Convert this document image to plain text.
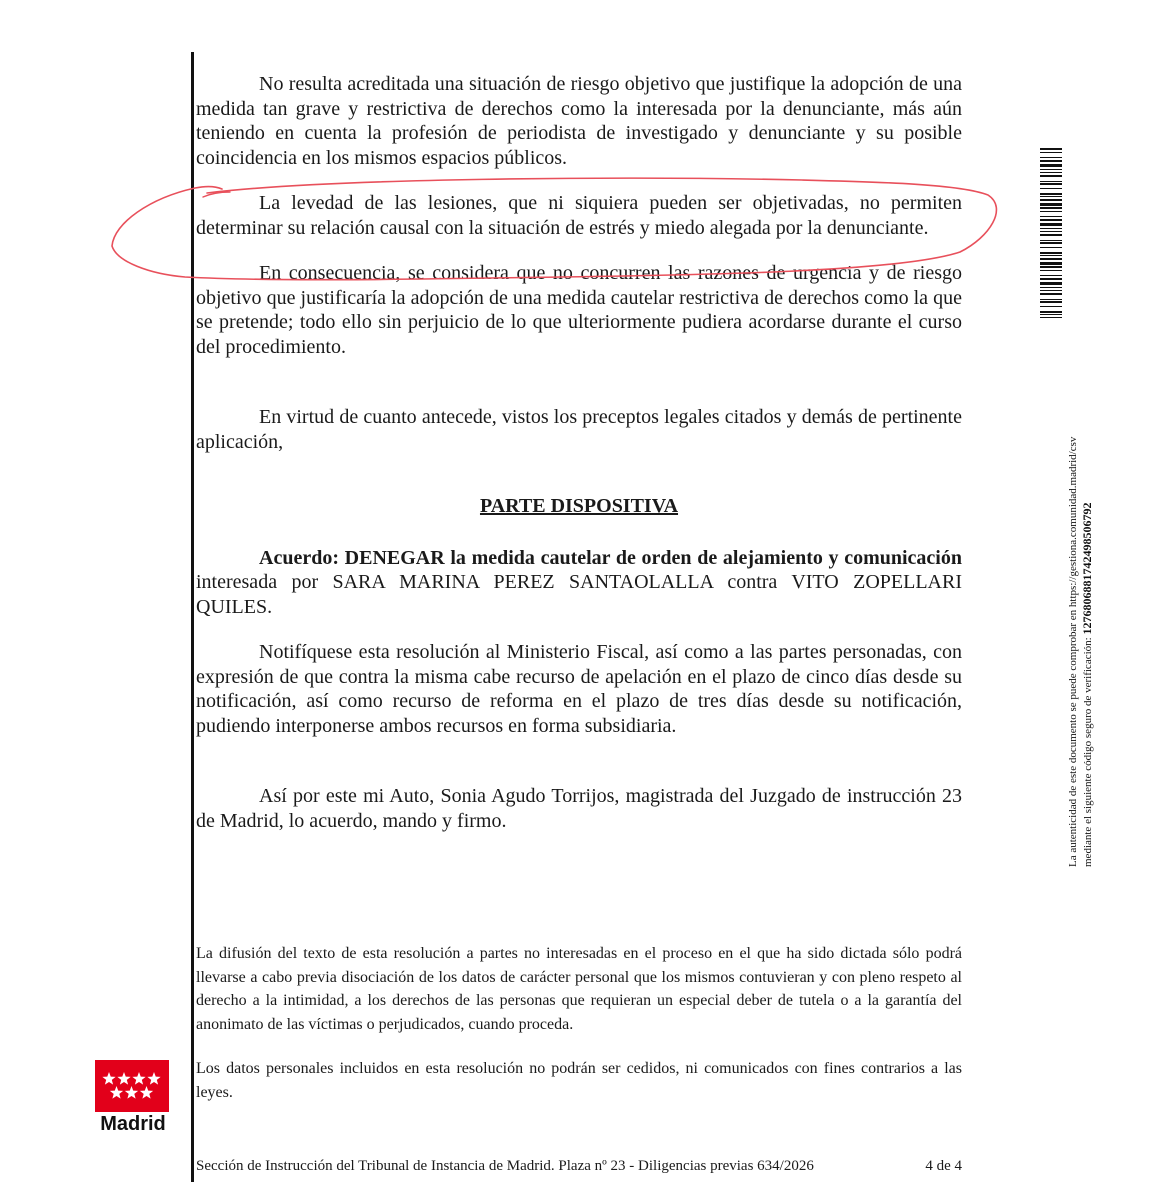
No resulta acreditada una situación de riesgo objetivo que justifique la adopción de una medida tan grave y restrictiva de derechos como la interesada por la denunciante, más aún teniendo en cuenta la profesión de periodista de investigado y denunciante y su posible coincidencia en los mismos espacios públicos.

La levedad de las lesiones, que ni siquiera pueden ser objetivadas, no permiten determinar su relación causal con la situación de estrés y miedo alegada por la denunciante.

En consecuencia, se considera que no concurren las razones de urgencia y de riesgo objetivo que justificaría la adopción de una medida cautelar restrictiva de derechos como la que se pretende; todo ello sin perjuicio de lo que ulteriormente pudiera acordarse durante el curso del procedimiento.

En virtud de cuanto antecede, vistos los preceptos legales citados y demás de pertinente aplicación,

PARTE DISPOSITIVA

Acuerdo: DENEGAR la medida cautelar de orden de alejamiento y comunicación interesada por SARA MARINA PEREZ SANTAOLALLA contra VITO ZOPELLARI QUILES.

Notifíquese esta resolución al Ministerio Fiscal, así como a las partes personadas, con expresión de que contra la misma cabe recurso de apelación en el plazo de cinco días desde su notificación, así como recurso de reforma en el plazo de tres días desde su notificación, pudiendo interponerse ambos recursos en forma subsidiaria.

Así por este mi Auto, Sonia Agudo Torrijos, magistrada del Juzgado de instrucción 23 de Madrid, lo acuerdo, mando y firmo.

La difusión del texto de esta resolución a partes no interesadas en el proceso en el que ha sido dictada sólo podrá llevarse a cabo previa disociación de los datos de carácter personal que los mismos contuvieran y con pleno respeto al derecho a la intimidad, a los derechos de las personas que requieran un especial deber de tutela o a la garantía del anonimato de las víctimas o perjudicados, cuando proceda.

Los datos personales incluidos en esta resolución no podrán ser cedidos, ni comunicados con fines contrarios a las leyes.

Sección de Instrucción del Tribunal de Instancia de Madrid. Plaza nº 23 - Diligencias previas 634/2026	4 de 4
Madrid
La autenticidad de este documento se puede comprobar en https://gestiona.comunidad.madrid/csv mediante el siguiente código seguro de verificación: 1276806881742498506792
